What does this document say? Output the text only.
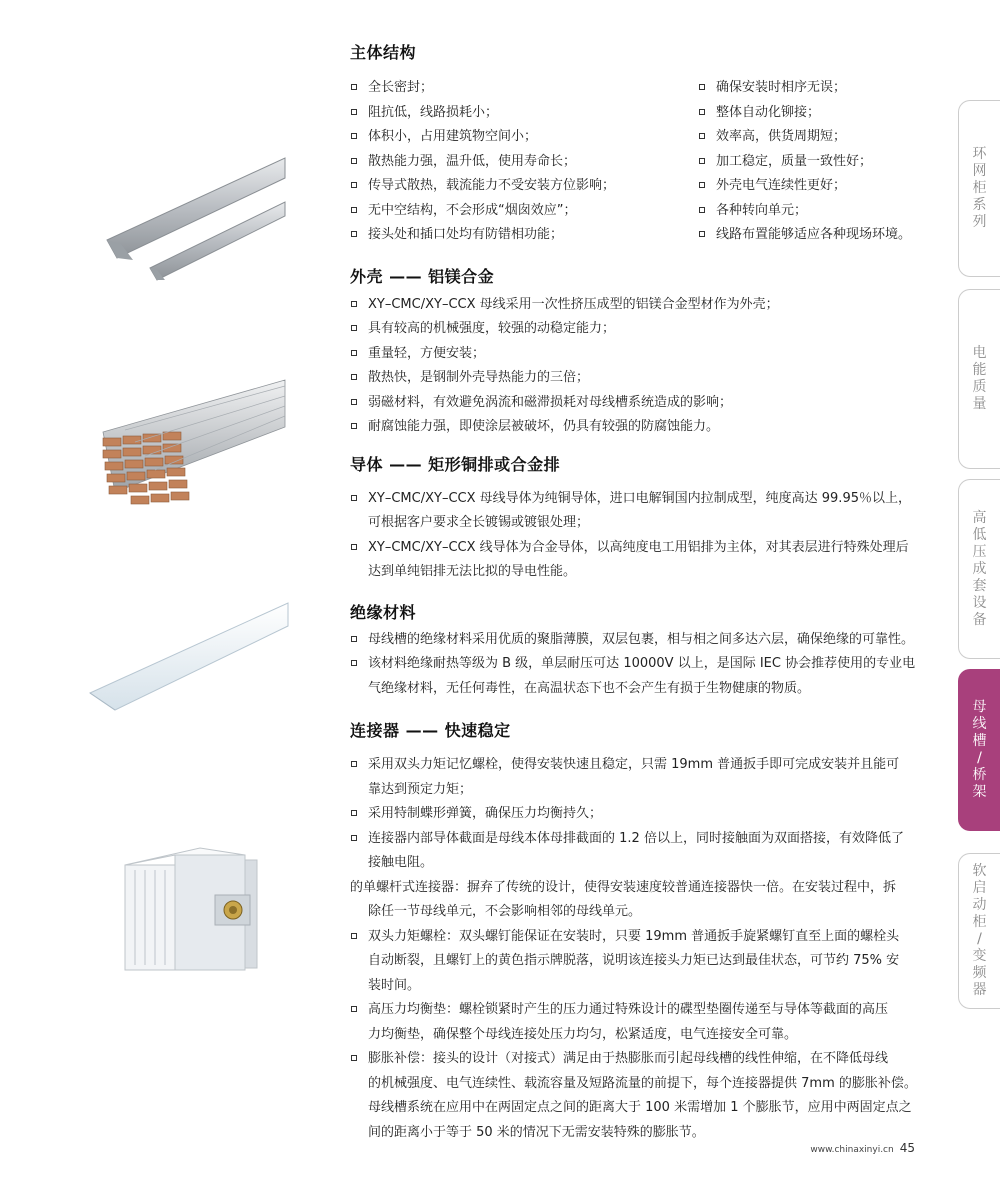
主体结构
全长密封；
阻抗低，线路损耗小；
体积小，占用建筑物空间小；
散热能力强，温升低，使用寿命长；
传导式散热，载流能力不受安装方位影响；
无中空结构，不会形成“烟囱效应”；
接头处和插口处均有防错相功能；
确保安装时相序无误；
整体自动化铆接；
效率高，供货周期短；
加工稳定，质量一致性好；
外壳电气连续性更好；
各种转向单元；
线路布置能够适应各种现场环境。
外壳 —— 铝镁合金
XY–CMC/XY–CCX 母线采用一次性挤压成型的铝镁合金型材作为外壳；
具有较高的机械强度，较强的动稳定能力；
重量轻，方便安装；
散热快，是钢制外壳导热能力的三倍；
弱磁材料，有效避免涡流和磁滞损耗对母线槽系统造成的影响；
耐腐蚀能力强，即使涂层被破坏，仍具有较强的防腐蚀能力。
导体 —— 矩形铜排或合金排
XY–CMC/XY–CCX 母线导体为纯铜导体，进口电解铜国内拉制成型，纯度高达 99.95％以上，
可根据客户要求全长镀锡或镀银处理；
XY–CMC/XY–CCX 线导体为合金导体，以高纯度电工用铝排为主体，对其表层进行特殊处理后
达到单纯铝排无法比拟的导电性能。
绝缘材料
母线槽的绝缘材料采用优质的聚脂薄膜，双层包裹，相与相之间多达六层，确保绝缘的可靠性。
该材料绝缘耐热等级为 B 级，单层耐压可达 10000V 以上，是国际 IEC 协会推荐使用的专业电
气绝缘材料，无任何毒性，在高温状态下也不会产生有损于生物健康的物质。
连接器 —— 快速稳定
采用双头力矩记忆螺栓，使得安装快速且稳定，只需 19mm 普通扳手即可完成安装并且能可
靠达到预定力矩；
采用特制蝶形弹簧，确保压力均衡持久；
连接器内部导体截面是母线本体母排截面的 1.2 倍以上，同时接触面为双面搭接，有效降低了
接触电阻。
的单螺杆式连接器：摒弃了传统的设计，使得安装速度较普通连接器快一倍。在安装过程中，拆
除任一节母线单元，不会影响相邻的母线单元。
双头力矩螺栓：双头螺钉能保证在安装时，只要 19mm 普通扳手旋紧螺钉直至上面的螺栓头
自动断裂，且螺钉上的黄色指示牌脱落，说明该连接头力矩已达到最佳状态，可节约 75% 安
装时间。
高压力均衡垫：螺栓锁紧时产生的压力通过特殊设计的碟型垫圈传递至与导体等截面的高压
力均衡垫，确保整个母线连接处压力均匀，松紧适度，电气连接安全可靠。
膨胀补偿：接头的设计（对接式）满足由于热膨胀而引起母线槽的线性伸缩，在不降低母线
的机械强度、电气连续性、载流容量及短路流量的前提下，每个连接器提供 7mm 的膨胀补偿。
母线槽系统在应用中在两固定点之间的距离大于 100 米需增加 1 个膨胀节，应用中两固定点之
间的距离小于等于 50 米的情况下无需安装特殊的膨胀节。
环
网
柜
系
列
电
能
质
量
高
低
压
成
套
设
备
母
线
槽
/
桥
架
软
启
动
柜
/
变
频
器
www.chinaxinyi.cn 45
